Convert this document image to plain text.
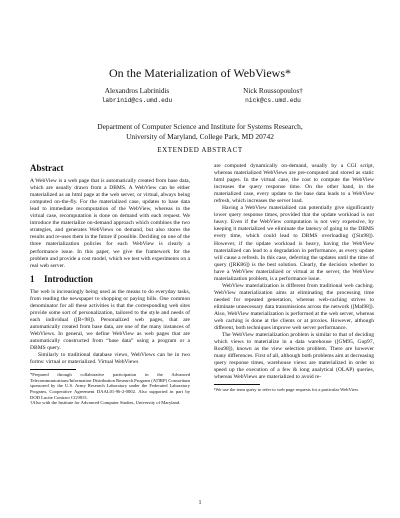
On the Materialization of WebViews*
Alexandros Labrinidis
labrinid@cs.umd.edu
Nick Roussopoulos†
nick@cs.umd.edu
Department of Computer Science and Institute for Systems Research,
University of Maryland, College Park, MD 20742
EXTENDED ABSTRACT
Abstract

A WebView is a web page that is automatically created from base data, which are usually drawn from a DBMS. A WebView can be either materialized as an html page at the web server, or virtual, always being computed on-the-fly. For the materialized case, updates to base data lead to immediate recomputation of the WebView, whereas in the virtual case, recomputation is done on demand with each request. We introduce the materialize on-demand approach which combines the two strategies, and generates WebViews on demand, but also stores the results and re-uses them in the future if possible. Deciding on one of the three materialization policies for each WebView is clearly a performance issue. In this paper, we give the framework for the problem and provide a cost model, which we test with experiments on a real web server.

1 Introduction

The web is increasingly being used as the means to do everyday tasks, from reading the newspaper to shopping or paying bills. One common denominator for all these activities is that the corresponding web sites provide some sort of personalization, tailored to the style and needs of each individual ([B+98]). Personalized web pages, that are automatically created from base data, are one of the many instances of WebViews. In general, we define WebView as web pages that are automatically constructed from “base data” using a program or a DBMS query.

Similarly to traditional database views, WebViews can be in two forms: virtual or materialized. Virtual WebViews

*Prepared through collaborative participation in the Advanced Telecommunications/Information Distribution Research Program (ATIRP) Consortium sponsored by the U.S. Army Research Laboratory under the Federated Laboratory Program, Cooperative Agreement DAAL01-96-2-0002. Also supported in part by DOD Lucite Contract CG9815.

†Also with the Institute for Advanced Computer Studies, University of Maryland.

are computed dynamically on-demand, usually by a CGI script, whereas materialized WebViews are pre-computed and stored as static html pages. In the virtual case, the cost to compute the WebView increases the query response time. On the other hand, in the materialized case, every update to the base data leads to a WebView refresh, which increases the server load.

Having a WebView materialized can potentially give significantly lower query response times, provided that the update workload is not heavy. Even if the WebView computation is not very expensive, by keeping it materialized we eliminate the latency of going to the DBMS every time, which could lead to DBMS overloading ([Sin98]). However, if the update workload is heavy, having the WebView materialized can lead to a degradation in performance, as every update will cause a refresh. In this case, deferring the updates until the time of query ([RK86]) is the best solution. Clearly, the decision whether to have a WebView materialized or virtual at the server, the WebView materialization problem, is a performance issue.

WebView materialization is different from traditional web caching. WebView materialization aims at eliminating the processing time needed for repeated generation, whereas web-caching strives to eliminate unnecessary data transmissions across the network ([Mal98]). Also, WebView materialization is performed at the web server, whereas web caching is done at the clients or at proxies. However, although different, both techniques improve web server performance.

The WebView materialization problem is similar to that of deciding which views to materialize in a data warehouse ([GM95, Gup97, Rou98]), known as the view selection problem. There are however many differences. First of all, although both problems aim at decreasing query response times, warehouse views are materialized in order to speed up the execution of a few & long analytical (OLAP) queries, whereas WebViews are materialized to avoid re-

¹We use the term query to refer to web page requests for a particular WebView.

1
